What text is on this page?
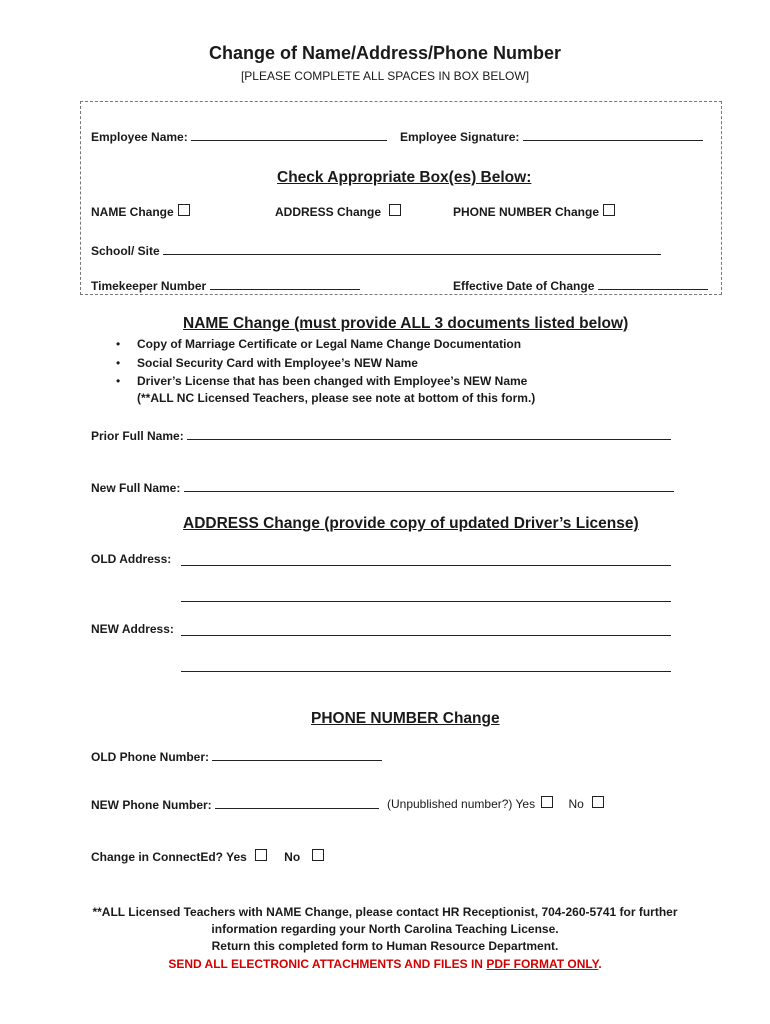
Change of Name/Address/Phone Number
[PLEASE COMPLETE ALL SPACES IN BOX BELOW]
Employee Name:	Employee Signature:
Check Appropriate Box(es) Below:
NAME Change	ADDRESS Change	PHONE NUMBER Change
School/ Site
Timekeeper Number	Effective Date of Change
NAME Change (must provide ALL 3 documents listed below)
• Copy of Marriage Certificate or Legal Name Change Documentation
• Social Security Card with Employee’s NEW Name
• Driver’s License that has been changed with Employee’s NEW Name
(**ALL NC Licensed Teachers, please see note at bottom of this form.)
Prior Full Name:
New Full Name:
ADDRESS Change (provide copy of updated Driver’s License)
OLD Address:
NEW Address:
PHONE NUMBER Change
OLD Phone Number:
NEW Phone Number:	(Unpublished number?) Yes	No
Change in ConnectEd? Yes	No
**ALL Licensed Teachers with NAME Change, please contact HR Receptionist, 704-260-5741 for further
information regarding your North Carolina Teaching License.
Return this completed form to Human Resource Department.
SEND ALL ELECTRONIC ATTACHMENTS AND FILES IN PDF FORMAT ONLY.
